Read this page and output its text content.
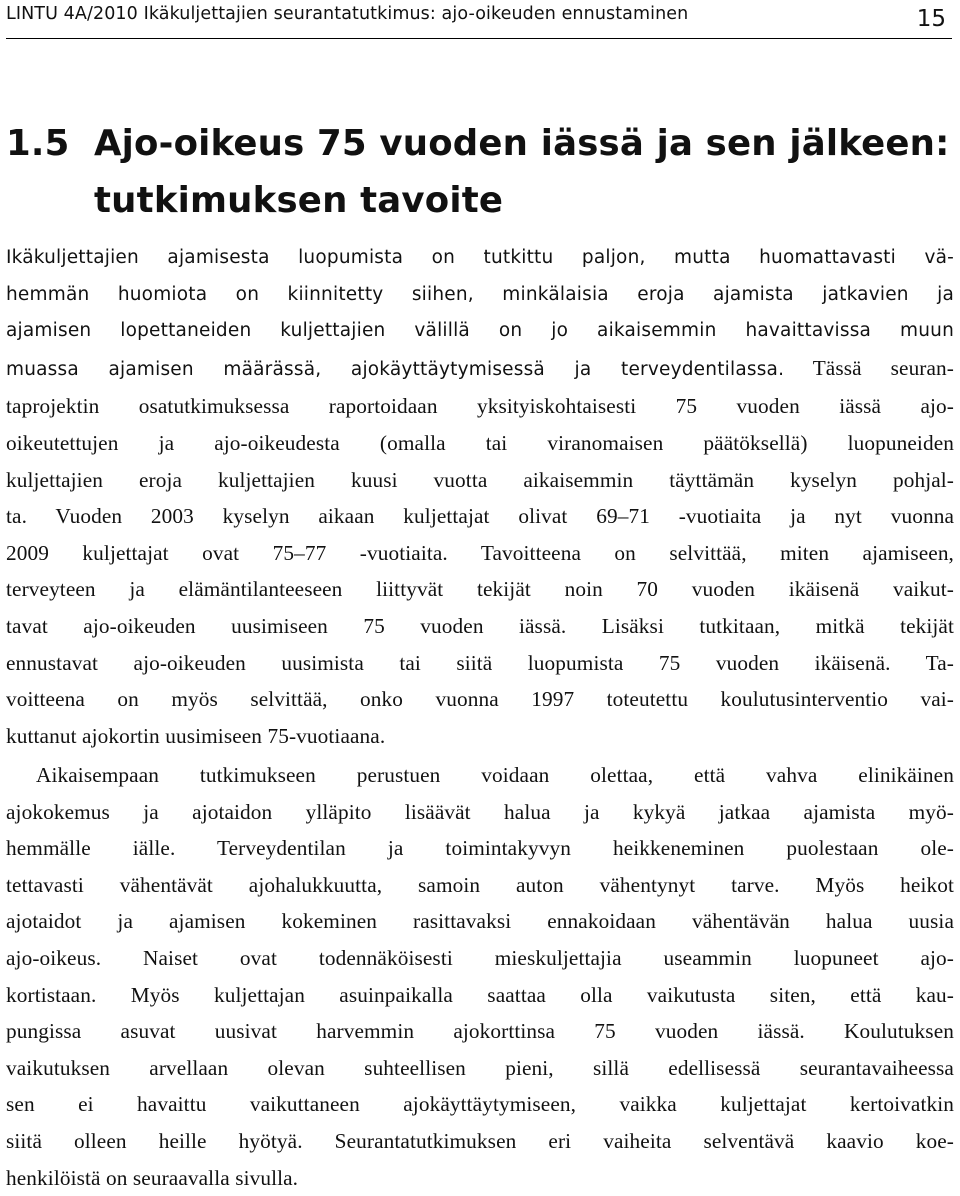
LINTU 4A/2010 Ikäkuljettajien seurantatutkimus: ajo-oikeuden ennustaminen	15
1.5 Ajo-oikeus 75 vuoden iässä ja sen jälkeen:
tutkimuksen tavoite
Ikäkuljettajien ajamisesta luopumista on tutkittu paljon, mutta huomattavasti vä-
hemmän huomiota on kiinnitetty siihen, minkälaisia eroja ajamista jatkavien ja
ajamisen lopettaneiden kuljettajien välillä on jo aikaisemmin havaittavissa muun
muassa ajamisen määrässä, ajokäyttäytymisessä ja terveydentilassa. Tässä seuran-
taprojektin osatutkimuksessa raportoidaan yksityiskohtaisesti 75 vuoden iässä ajo-
oikeutettujen ja ajo-oikeudesta (omalla tai viranomaisen päätöksellä) luopuneiden
kuljettajien eroja kuljettajien kuusi vuotta aikaisemmin täyttämän kyselyn pohjal-
ta. Vuoden 2003 kyselyn aikaan kuljettajat olivat 69–71 -vuotiaita ja nyt vuonna
2009 kuljettajat ovat 75–77 -vuotiaita. Tavoitteena on selvittää, miten ajamiseen,
terveyteen ja elämäntilanteeseen liittyvät tekijät noin 70 vuoden ikäisenä vaikut-
tavat ajo-oikeuden uusimiseen 75 vuoden iässä. Lisäksi tutkitaan, mitkä tekijät
ennustavat ajo-oikeuden uusimista tai siitä luopumista 75 vuoden ikäisenä. Ta-
voitteena on myös selvittää, onko vuonna 1997 toteutettu koulutusinterventio vai-
kuttanut ajokortin uusimiseen 75-vuotiaana.
Aikaisempaan tutkimukseen perustuen voidaan olettaa, että vahva elinikäinen
ajokokemus ja ajotaidon ylläpito lisäävät halua ja kykyä jatkaa ajamista myö-
hemmälle iälle. Terveydentilan ja toimintakyvyn heikkeneminen puolestaan ole-
tettavasti vähentävät ajohalukkuutta, samoin auton vähentynyt tarve. Myös heikot
ajotaidot ja ajamisen kokeminen rasittavaksi ennakoidaan vähentävän halua uusia
ajo-oikeus. Naiset ovat todennäköisesti mieskuljettajia useammin luopuneet ajo-
kortistaan. Myös kuljettajan asuinpaikalla saattaa olla vaikutusta siten, että kau-
pungissa asuvat uusivat harvemmin ajokorttinsa 75 vuoden iässä. Koulutuksen
vaikutuksen arvellaan olevan suhteellisen pieni, sillä edellisessä seurantavaiheessa
sen ei havaittu vaikuttaneen ajokäyttäytymiseen, vaikka kuljettajat kertoivatkin
siitä olleen heille hyötyä. Seurantatutkimuksen eri vaiheita selventävä kaavio koe-
henkilöistä on seuraavalla sivulla.
